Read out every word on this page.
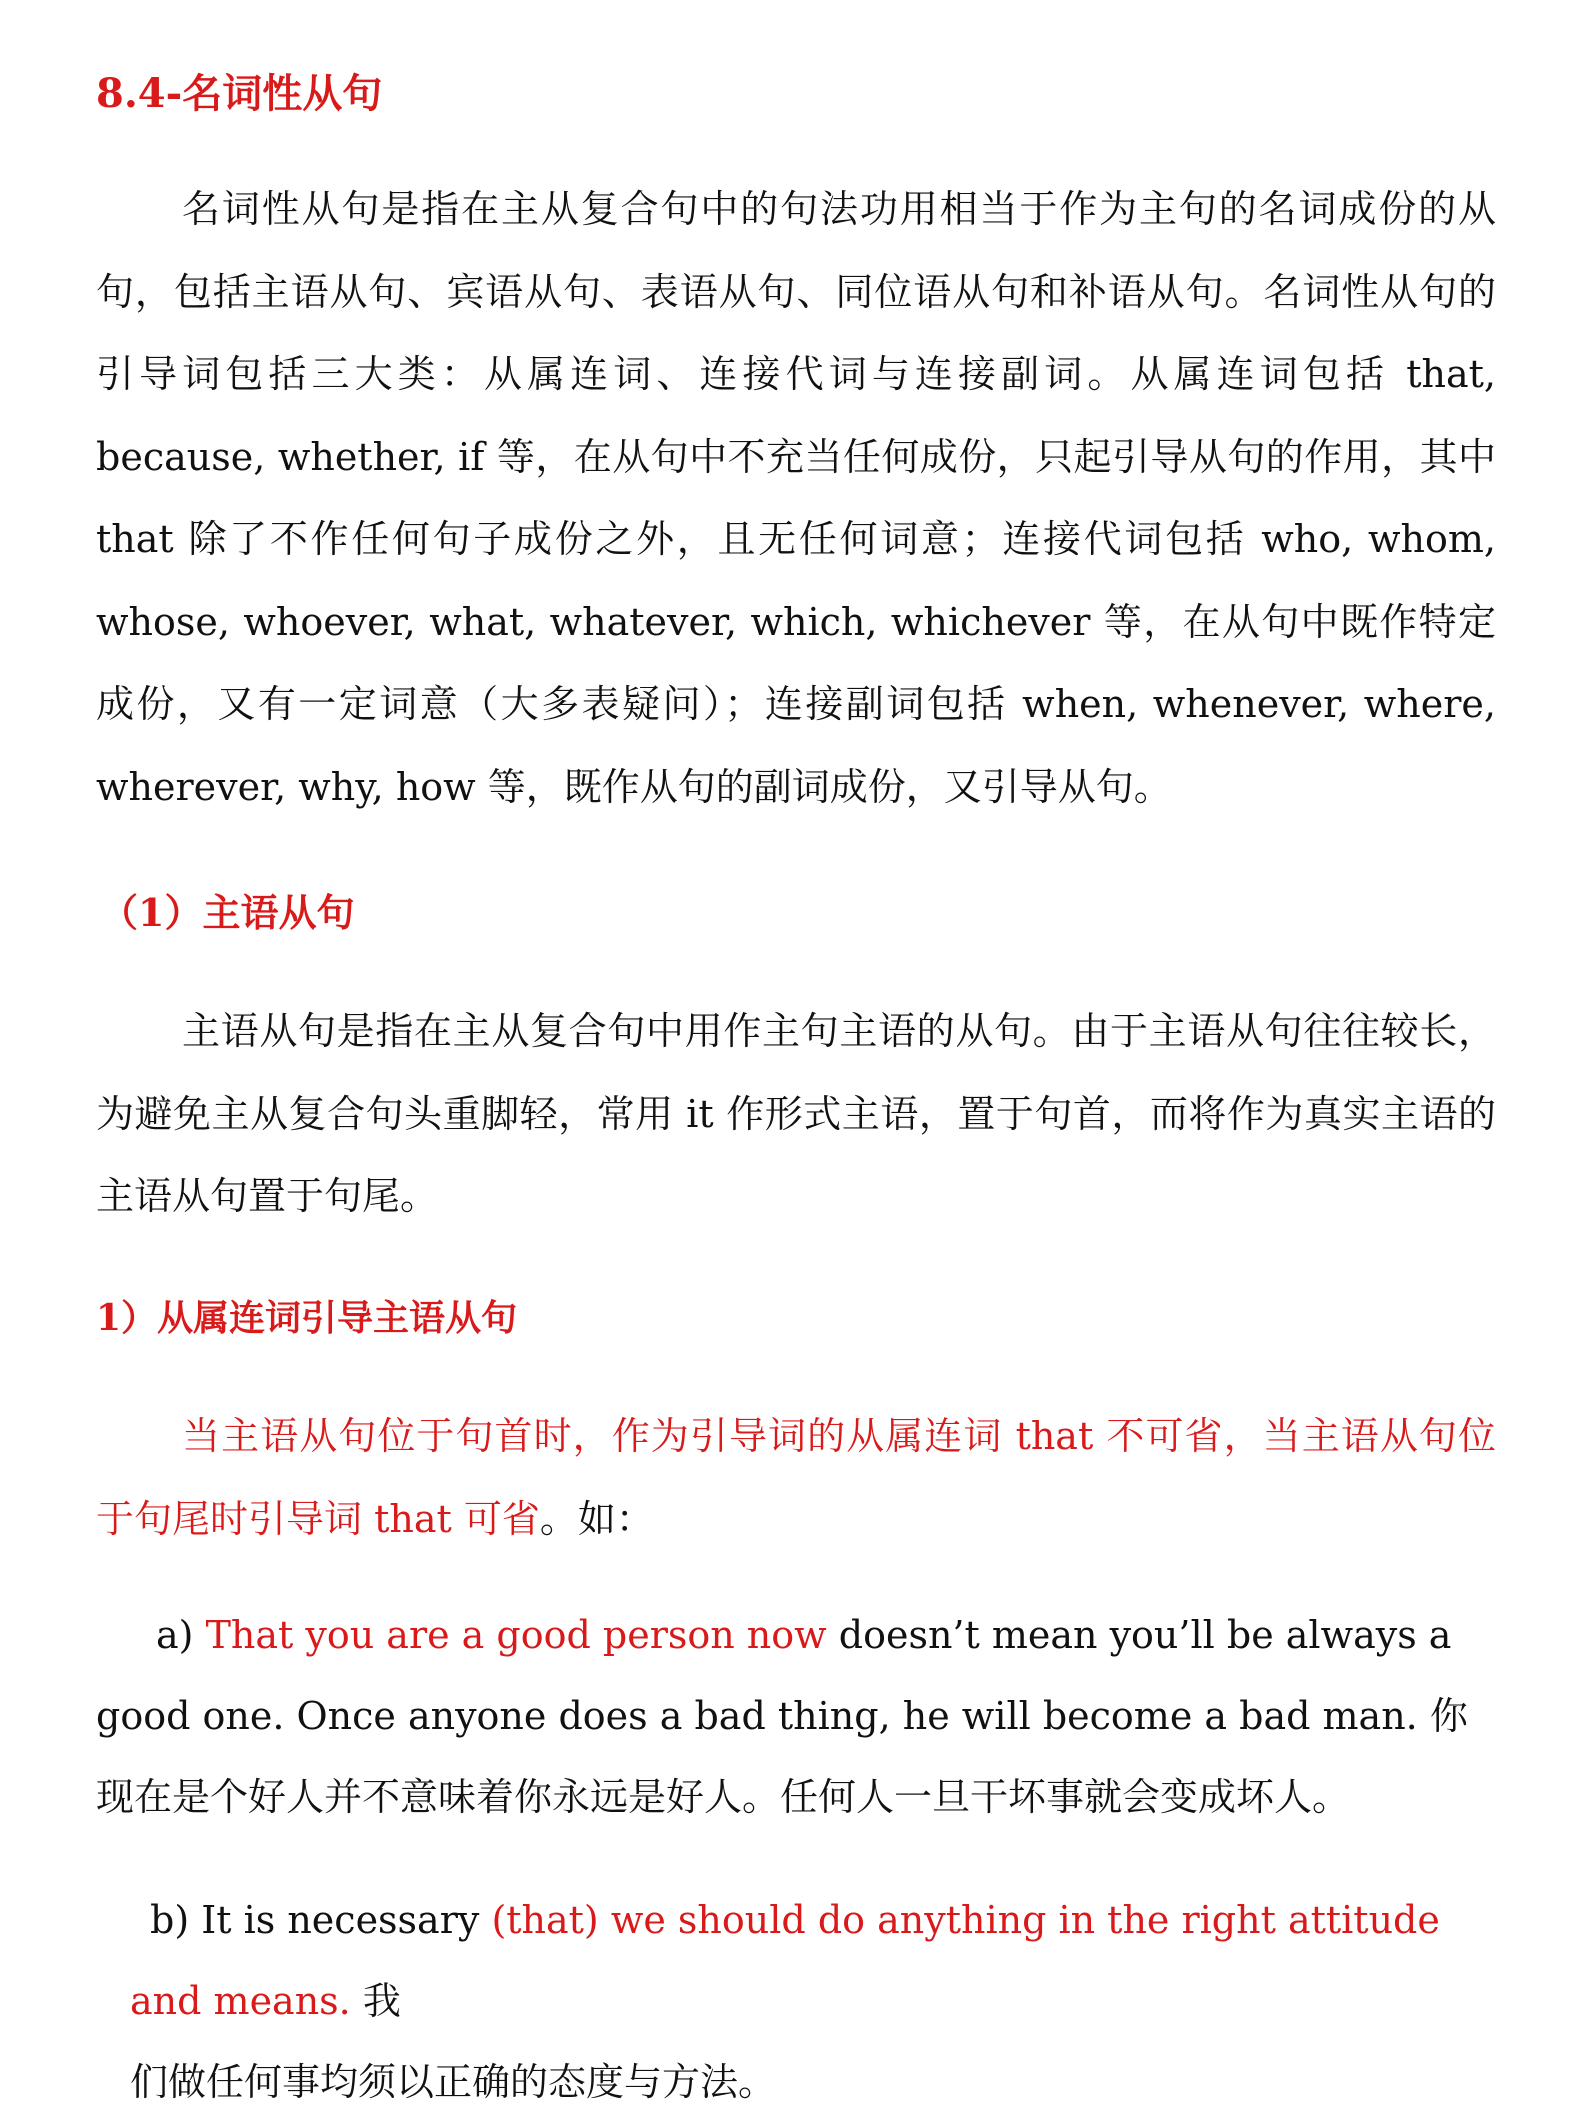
8.4-名词性从句

名词性从句是指在主从复合句中的句法功用相当于作为主句的名词成份的从句，包括主语从句、宾语从句、表语从句、同位语从句和补语从句。名词性从句的引导词包括三大类：从属连词、连接代词与连接副词。从属连词包括 that, because, whether, if 等，在从句中不充当任何成份，只起引导从句的作用，其中 that 除了不作任何句子成份之外，且无任何词意；连接代词包括 who, whom, whose, whoever, what, whatever, which, whichever 等，在从句中既作特定成份，又有一定词意（大多表疑问）；连接副词包括 when, whenever, where, wherever, why, how 等，既作从句的副词成份，又引导从句。

（1）主语从句

主语从句是指在主从复合句中用作主句主语的从句。由于主语从句往往较长，为避免主从复合句头重脚轻，常用 it 作形式主语，置于句首，而将作为真实主语的主语从句置于句尾。

1）从属连词引导主语从句

当主语从句位于句首时，作为引导词的从属连词 that 不可省，当主语从句位于句尾时引导词 that 可省。如：

a) That you are a good person now doesn’t mean you’ll be always a good one. Once anyone does a bad thing, he will become a bad man. 你现在是个好人并不意味着你永远是好人。任何人一旦干坏事就会变成坏人。

b) It is necessary (that) we should do anything in the right attitude and means. 我
们做任何事均须以正确的态度与方法。
